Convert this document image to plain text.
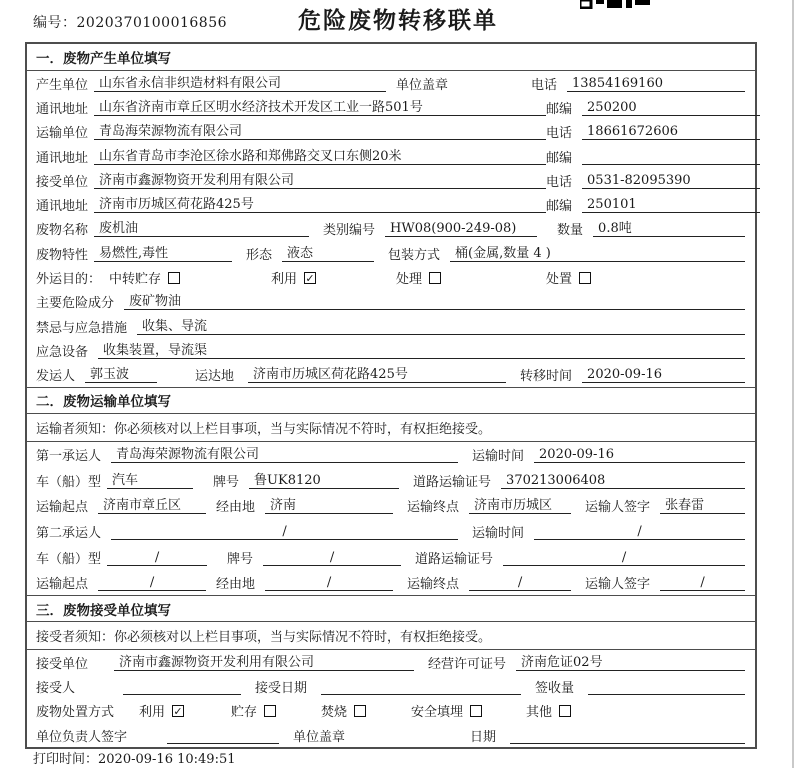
编号：2020370100016856	危险废物转移联单
一．废物产生单位填写
产生单位 山东省永信非织造材料有限公司	单位盖章	电话	13854169160
通讯地址 山东省济南市章丘区明水经济技术开发区工业一路501号	邮编	250200
运输单位 青岛海荣源物流有限公司	电话	18661672606
通讯地址 山东省青岛市李沧区徐水路和郑佛路交叉口东侧20米	邮编
接受单位 济南市鑫源物资开发利用有限公司	电话	0531-82095390
通讯地址 济南市历城区荷花路425号	邮编	250101
废物名称 废机油	类别编号	HW08(900-249-08)	数量	0.8吨
废物特性 易燃性,毒性	形态	液态	包装方式	桶(金属,数量 4 )
外运目的： 中转贮存	利用 ✓	处理	处置
主要危险成分	废矿物油
禁忌与应急措施	收集、导流
应急设备	收集装置，导流渠
发运人	郭玉波	运达地	济南市历城区荷花路425号	转移时间	2020-09-16
二．废物运输单位填写
运输者须知：你必须核对以上栏目事项，当与实际情况不符时，有权拒绝接受。
第一承运人	青岛海荣源物流有限公司	运输时间	2020-09-16
车（船）型 汽车	牌号	鲁UK8120	道路运输证号	370213006408
运输起点	济南市章丘区	经由地	济南	运输终点	济南市历城区	运输人签字	张春雷
第二承运人	/	运输时间	/
车（船）型	/	牌号	/	道路运输证号	/
运输起点	/	经由地	/	运输终点	/	运输人签字	/
三．废物接受单位填写
接受者须知：你必须核对以上栏目事项，当与实际情况不符时，有权拒绝接受。
接受单位	济南市鑫源物资开发利用有限公司	经营许可证号	济南危证02号
接受人	接受日期	签收量
废物处置方式 利用 ✓	贮存	焚烧	安全填埋	其他
单位负责人签字	单位盖章	日期
打印时间：2020-09-16 10:49:51
